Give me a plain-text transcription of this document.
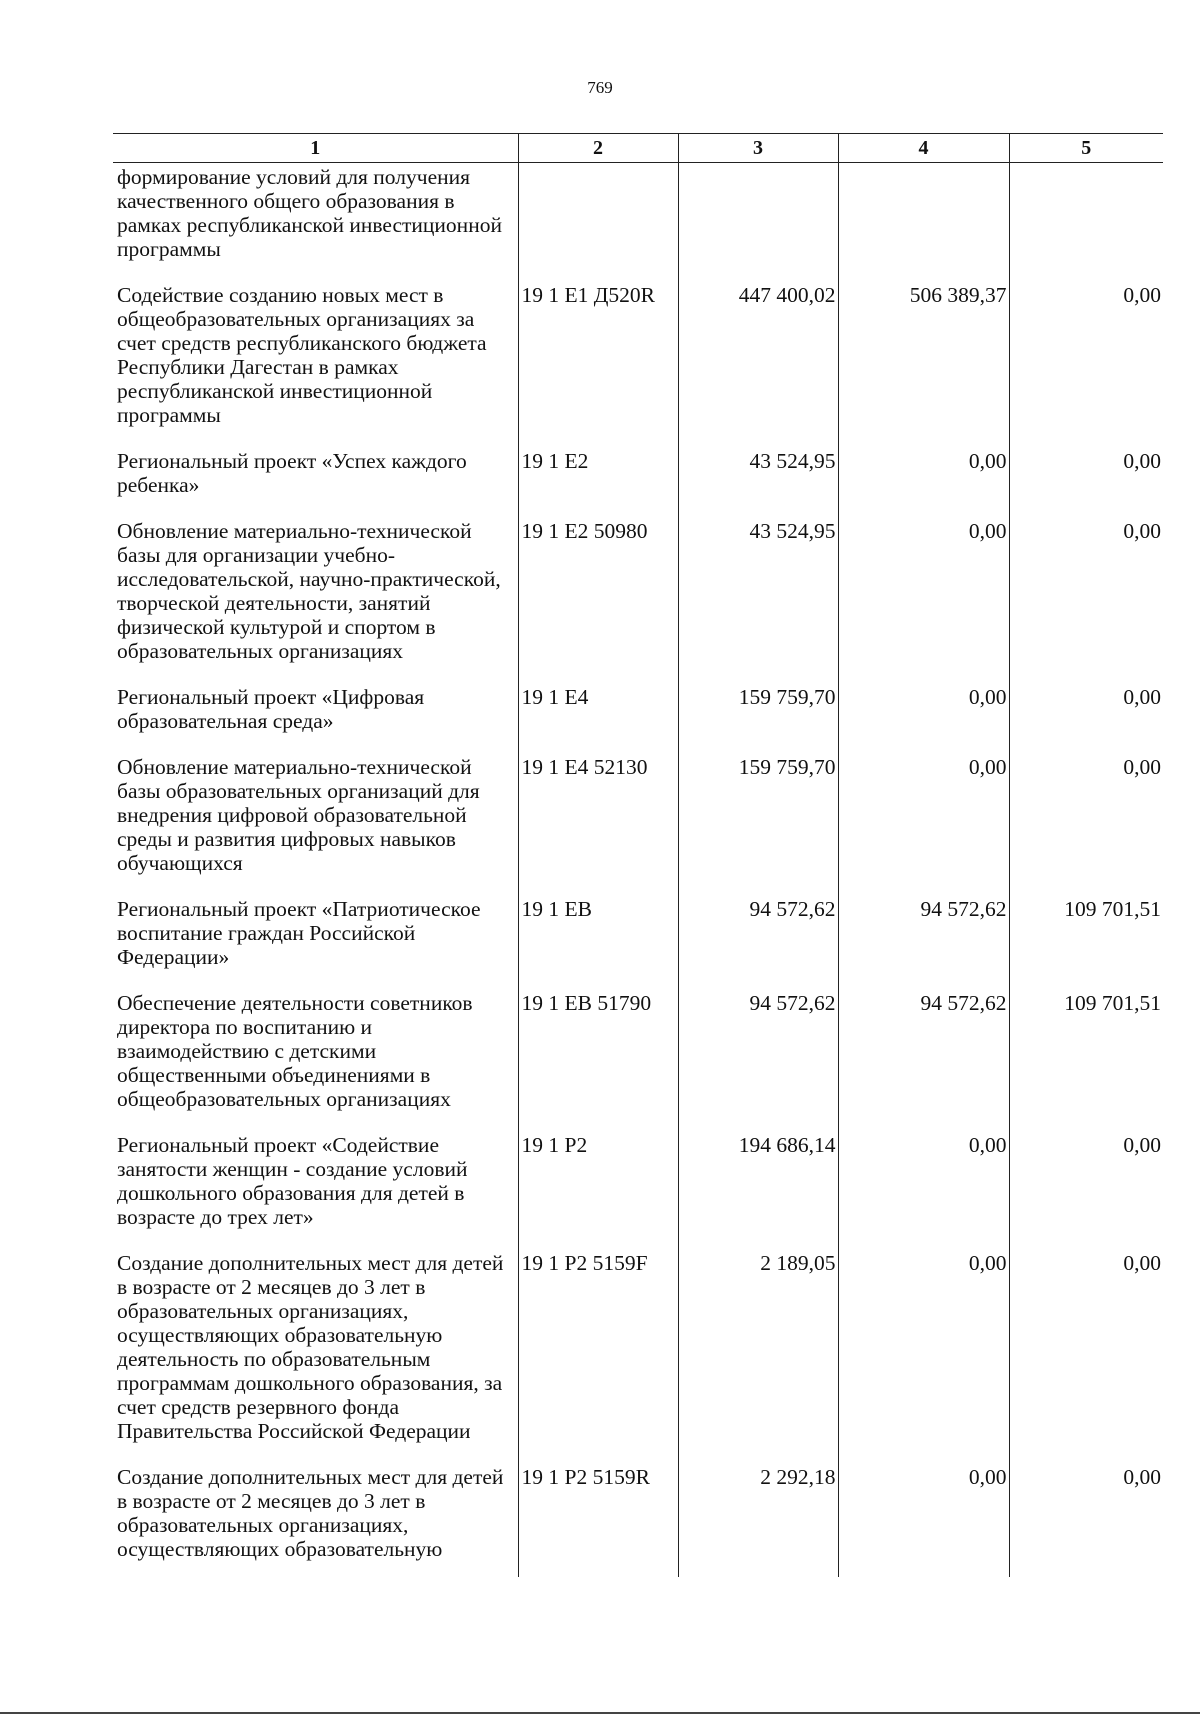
769
1	2	3	4	5
формирование условий для получения качественного общего образования в рамках республиканской инвестиционной программы				
Содействие созданию новых мест в общеобразовательных организациях за счет средств республиканского бюджета Республики Дагестан в рамках республиканской инвестиционной программы	19 1 E1 Д520R	447 400,02	506 389,37	0,00
Региональный проект «Успех каждого ребенка»	19 1 E2	43 524,95	0,00	0,00
Обновление материально-технической базы для организации учебно-исследовательской, научно-практической, творческой деятельности, занятий физической культурой и спортом в образовательных организациях	19 1 E2 50980	43 524,95	0,00	0,00
Региональный проект «Цифровая образовательная среда»	19 1 E4	159 759,70	0,00	0,00
Обновление материально-технической базы образовательных организаций для внедрения цифровой образовательной среды и развития цифровых навыков обучающихся	19 1 E4 52130	159 759,70	0,00	0,00
Региональный проект «Патриотическое воспитание граждан Российской Федерации»	19 1 EB	94 572,62	94 572,62	109 701,51
Обеспечение деятельности советников директора по воспитанию и взаимодействию с детскими общественными объединениями в общеобразовательных организациях	19 1 EB 51790	94 572,62	94 572,62	109 701,51
Региональный проект «Содействие занятости женщин - создание условий дошкольного образования для детей в возрасте до трех лет»	19 1 P2	194 686,14	0,00	0,00
Создание дополнительных мест для детей в возрасте от 2 месяцев до 3 лет в образовательных организациях, осуществляющих образовательную деятельность по образовательным программам дошкольного образования, за счет средств резервного фонда Правительства Российской Федерации	19 1 P2 5159F	2 189,05	0,00	0,00
Создание дополнительных мест для детей в возрасте от 2 месяцев до 3 лет в образовательных организациях, осуществляющих образовательную	19 1 P2 5159R	2 292,18	0,00	0,00
